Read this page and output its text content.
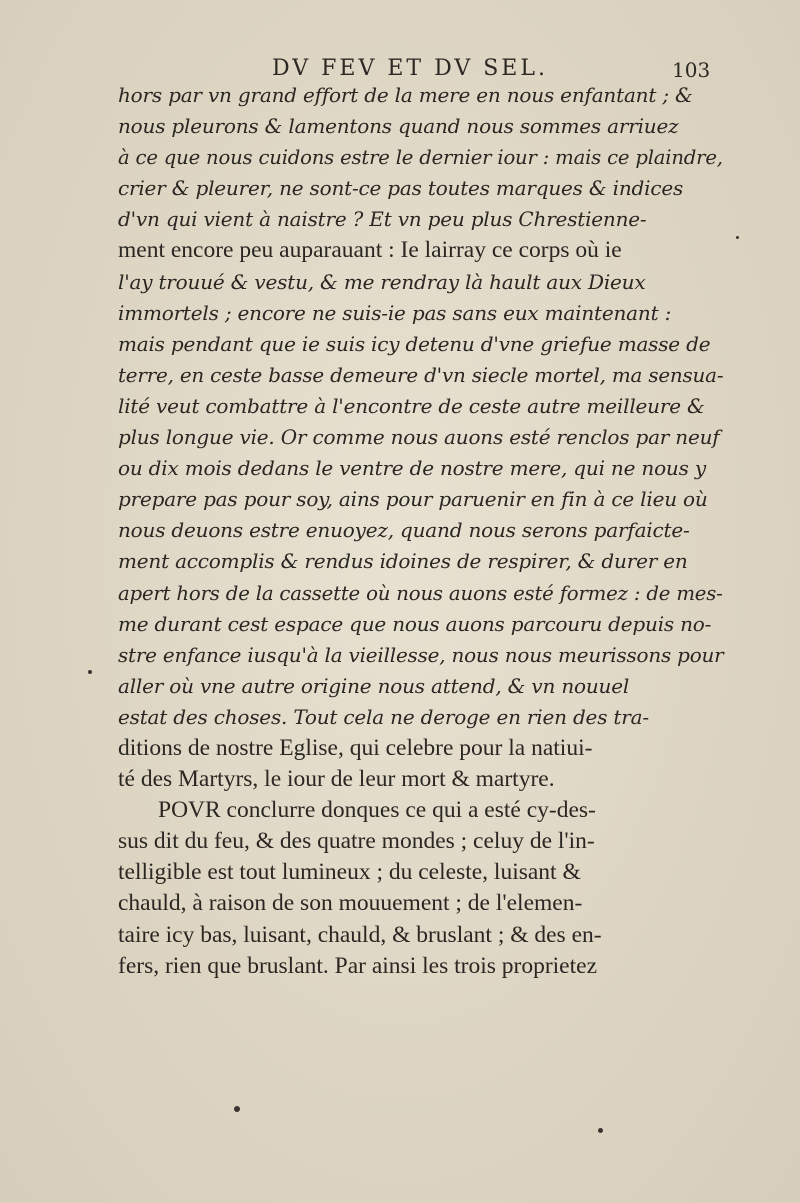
DV FEV ET DV SEL.	103
hors par vn grand effort de la mere en nous enfantant ; &
nous pleurons & lamentons quand nous sommes arriuez
à ce que nous cuidons estre le dernier iour : mais ce plaindre,
crier & pleurer, ne sont-ce pas toutes marques & indices
d'vn qui vient à naistre ? Et vn peu plus Chrestienne-
ment encore peu auparauant : Ie lairray ce corps où ie
l'ay trouué & vestu, & me rendray là hault aux Dieux
immortels ; encore ne suis-ie pas sans eux maintenant :
mais pendant que ie suis icy detenu d'vne griefue masse de
terre, en ceste basse demeure d'vn siecle mortel, ma sensua-
lité veut combattre à l'encontre de ceste autre meilleure &
plus longue vie. Or comme nous auons esté renclos par neuf
ou dix mois dedans le ventre de nostre mere, qui ne nous y
prepare pas pour soy, ains pour paruenir en fin à ce lieu où
nous deuons estre enuoyez, quand nous serons parfaicte-
ment accomplis & rendus idoines de respirer, & durer en
apert hors de la cassette où nous auons esté formez : de mes-
me durant cest espace que nous auons parcouru depuis no-
stre enfance iusqu'à la vieillesse, nous nous meurissons pour
aller où vne autre origine nous attend, & vn nouuel
estat des choses. Tout cela ne deroge en rien des tra-
ditions de nostre Eglise, qui celebre pour la natiui-
té des Martyrs, le iour de leur mort & martyre.
POVR conclurre donques ce qui a esté cy-des-
sus dit du feu, & des quatre mondes ; celuy de l'in-
telligible est tout lumineux ; du celeste, luisant &
chauld, à raison de son mouuement ; de l'elemen-
taire icy bas, luisant, chauld, & bruslant ; & des en-
fers, rien que bruslant. Par ainsi les trois proprietez
